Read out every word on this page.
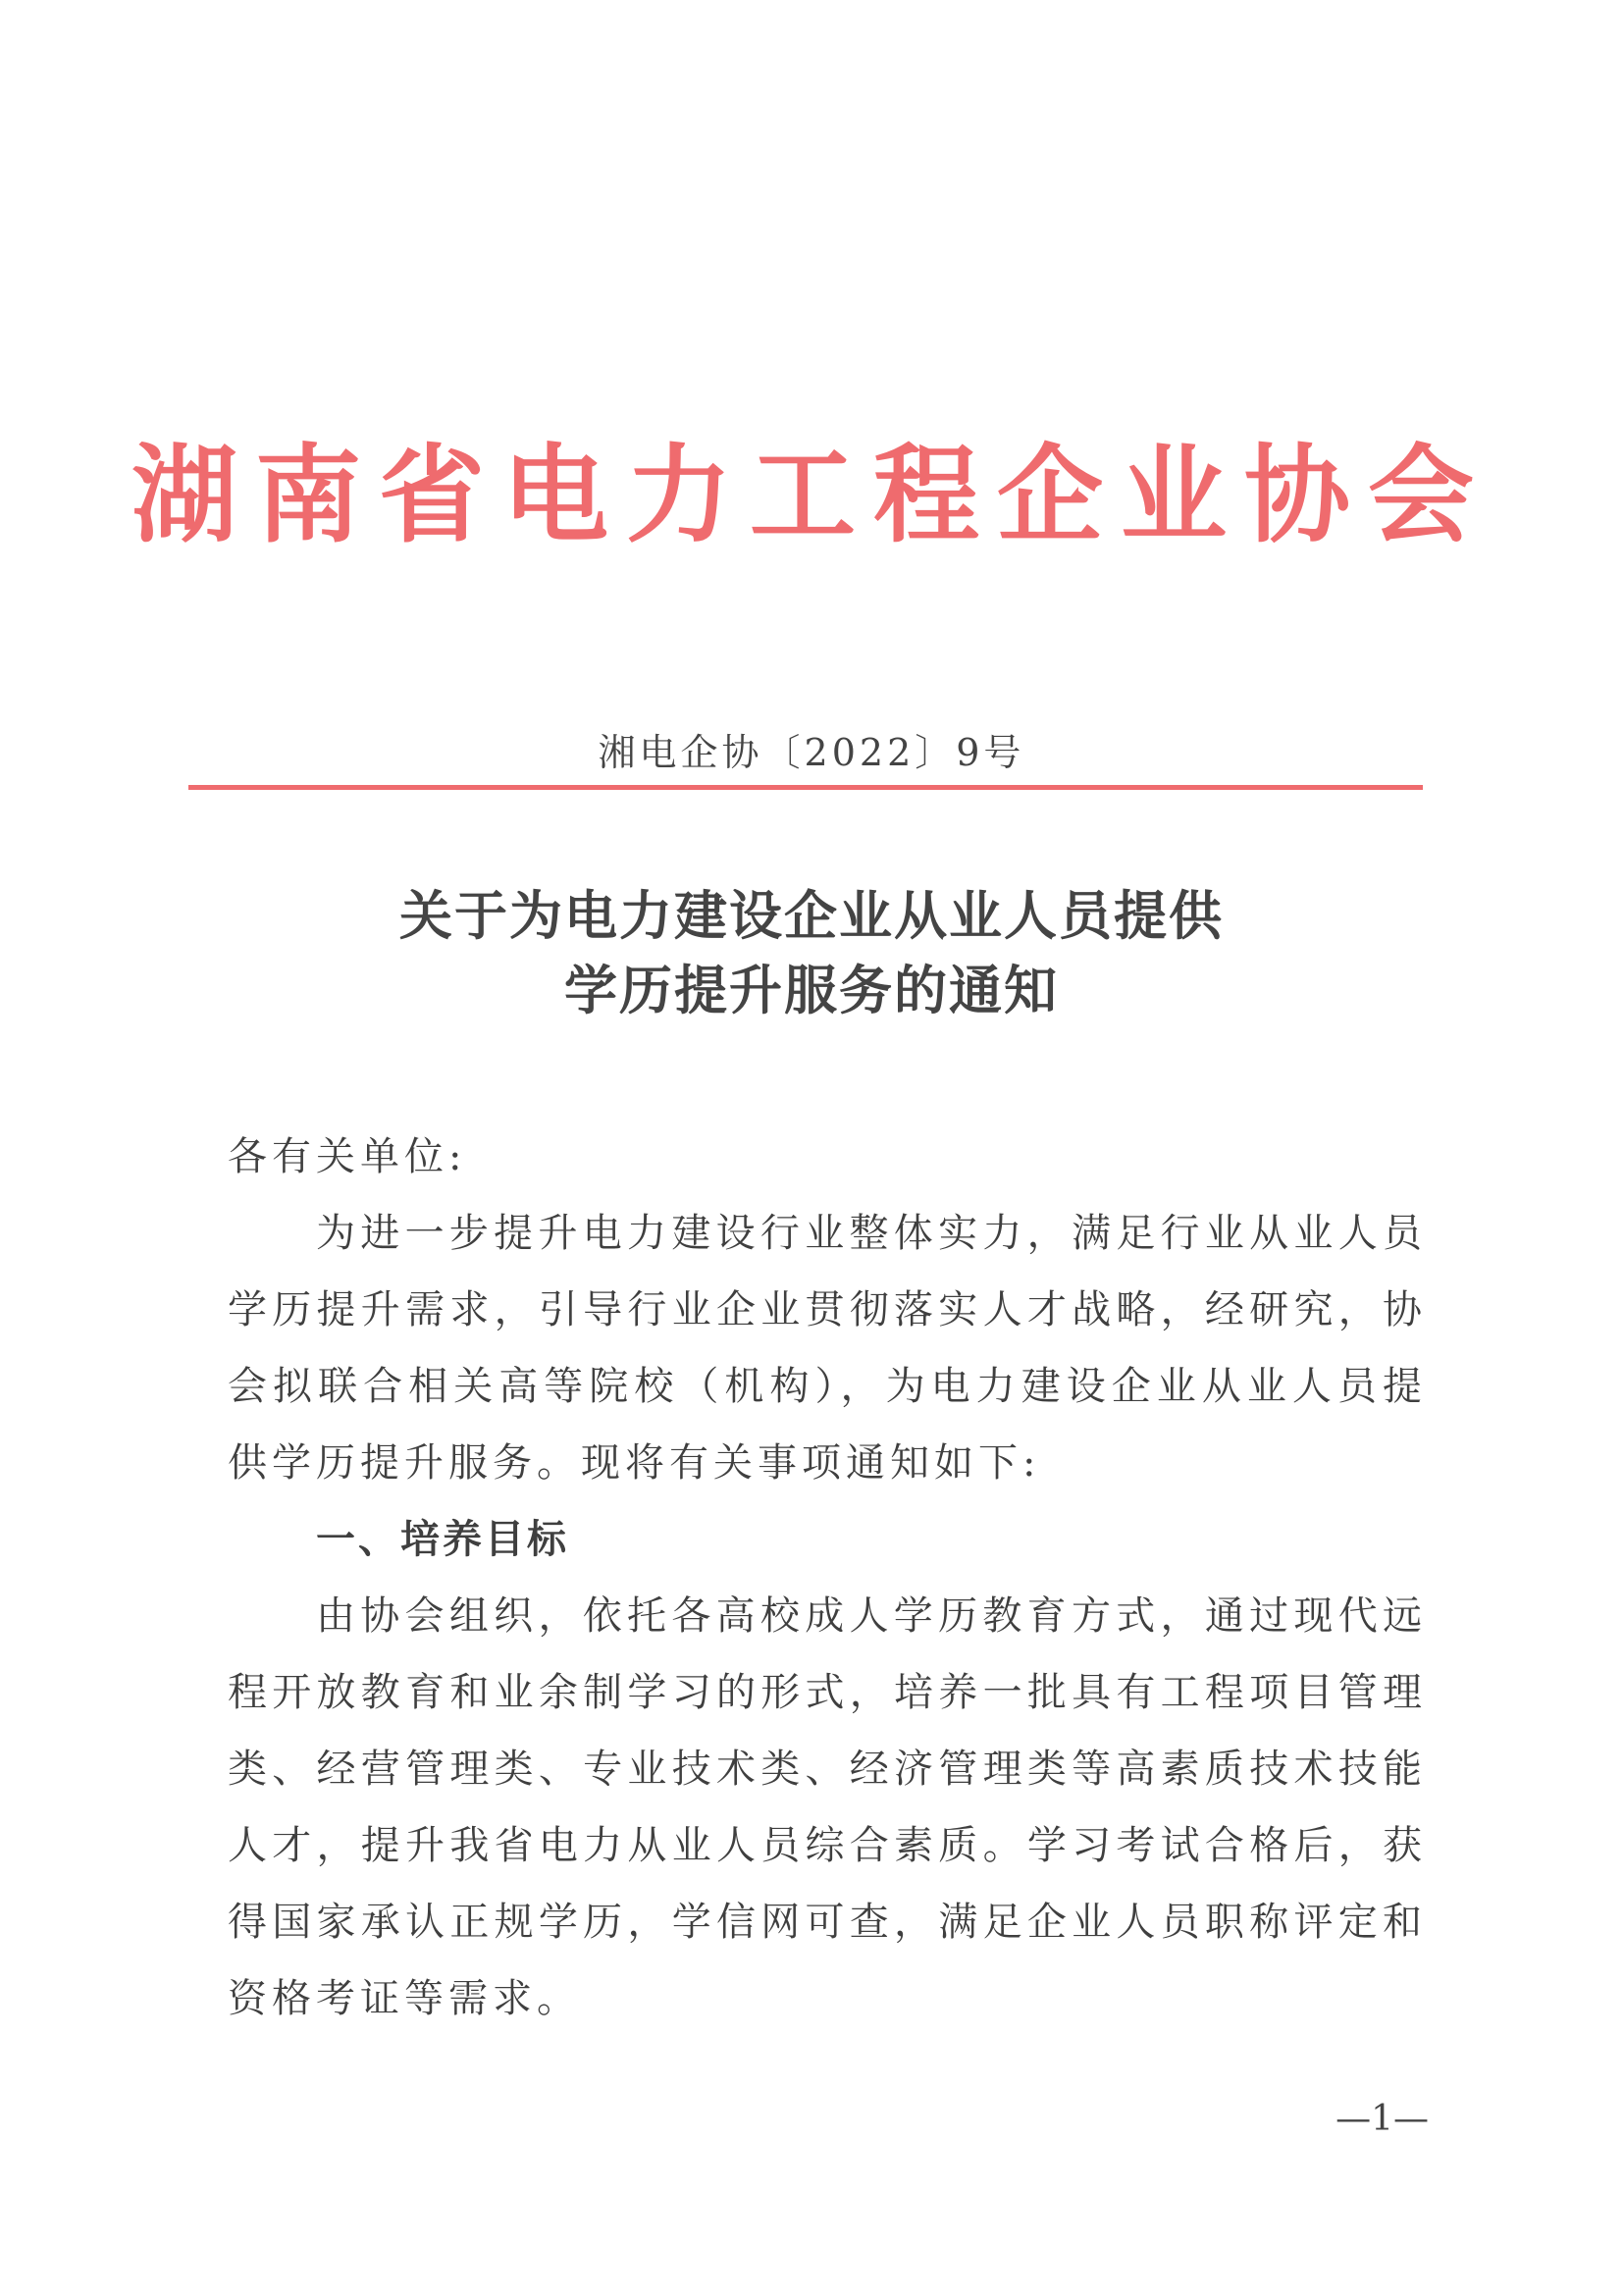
湖南省电力工程企业协会
湘电企协〔2022〕9号
关于为电力建设企业从业人员提供
学历提升服务的通知

各有关单位:

为进一步提升电力建设行业整体实力，满足行业从业人员学历提升需求，引导行业企业贯彻落实人才战略，经研究，协会拟联合相关高等院校（机构），为电力建设企业从业人员提供学历提升服务。现将有关事项通知如下:

一、培养目标

由协会组织，依托各高校成人学历教育方式，通过现代远程开放教育和业余制学习的形式，培养一批具有工程项目管理类、经营管理类、专业技术类、经济管理类等高素质技术技能人才，提升我省电力从业人员综合素质。学习考试合格后，获得国家承认正规学历，学信网可查，满足企业人员职称评定和资格考证等需求。

—1—
